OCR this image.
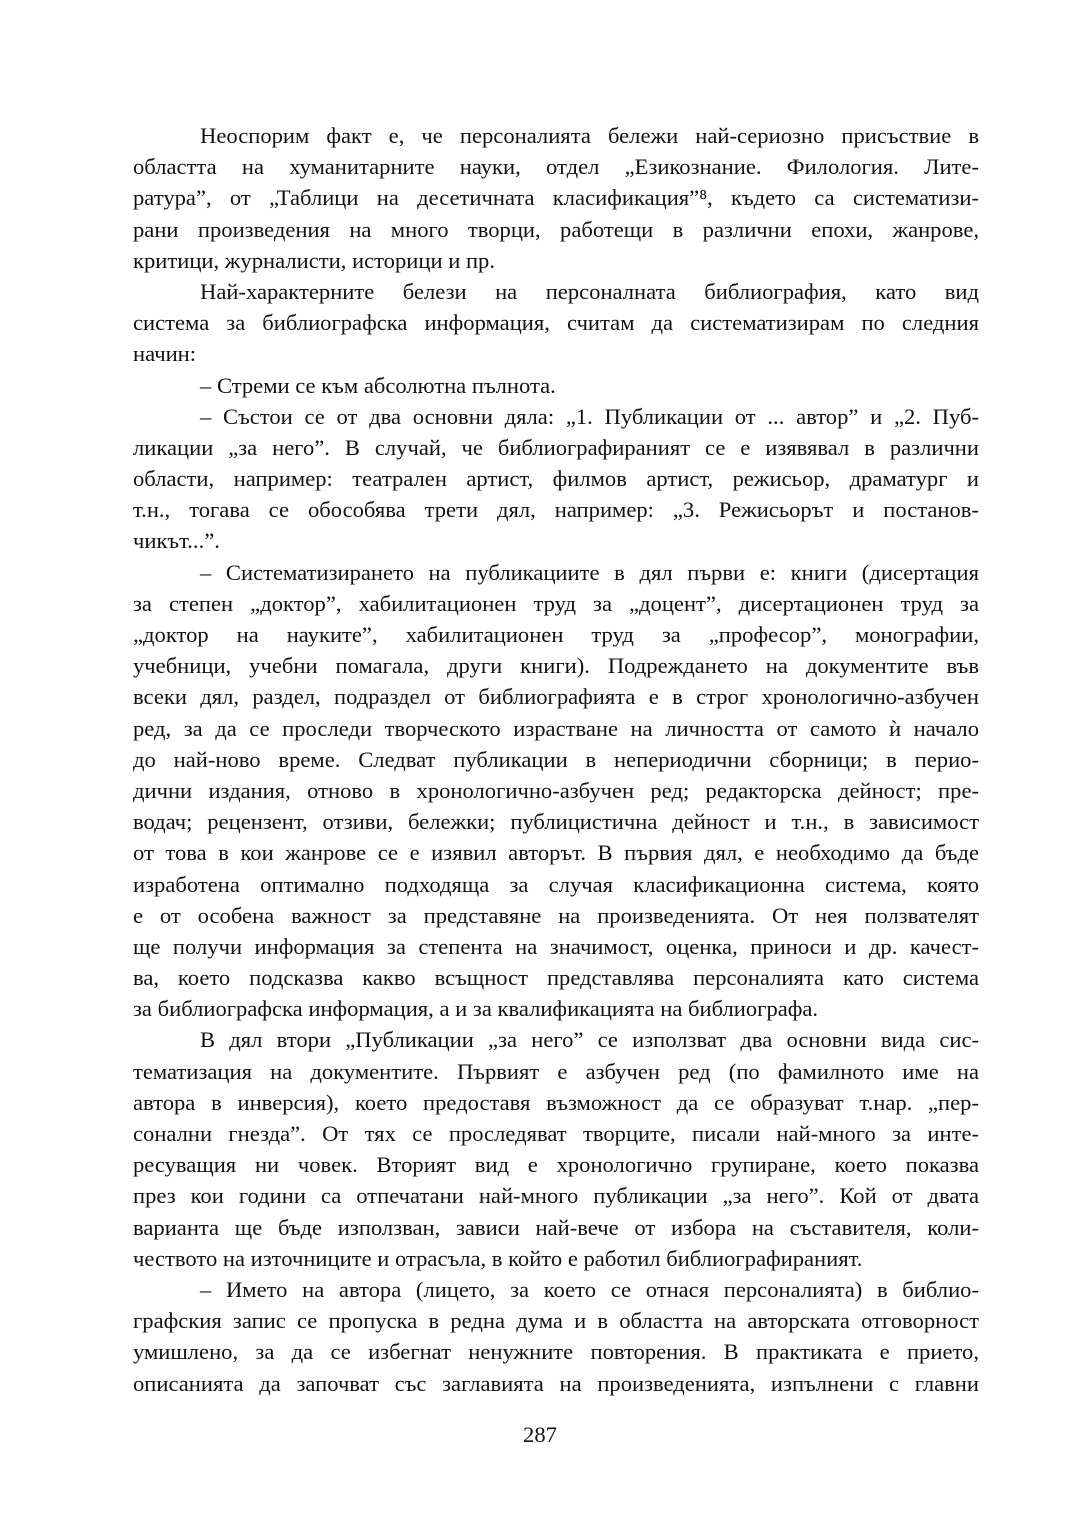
Неоспорим факт е, че персоналията бележи най-сериозно присъствие в
областта на хуманитарните науки, отдел „Езикознание. Филология. Лите-
ратура”, от „Таблици на десетичната класификация”⁸, където са систематизи-
рани произведения на много творци, работещи в различни епохи, жанрове,
критици, журналисти, историци и пр.
Най-характерните белези на персоналната библиография, като вид
система за библиографска информация, считам да систематизирам по следния
начин:
– Стреми се към абсолютна пълнота.
– Състои се от два основни дяла: „1. Публикации от ... автор” и „2. Пуб-
ликации „за него”. В случай, че библиографираният се е изявявал в различни
области, например: театрален артист, филмов артист, режисьор, драматург и
т.н., тогава се обособява трети дял, например: „3. Режисьорът и постанов-
чикът...”.
– Систематизирането на публикациите в дял първи е: книги (дисертация
за степен „доктор”, хабилитационен труд за „доцент”, дисертационен труд за
„доктор на науките”, хабилитационен труд за „професор”, монографии,
учебници, учебни помагала, други книги). Подреждането на документите във
всеки дял, раздел, подраздел от библиографията е в строг хронологично-азбучен
ред, за да се проследи творческото израстване на личността от самото ѝ начало
до най-ново време. Следват публикации в непериодични сборници; в перио-
дични издания, отново в хронологично-азбучен ред; редакторска дейност; пре-
водач; рецензент, отзиви, бележки; публицистична дейност и т.н., в зависимост
от това в кои жанрове се е изявил авторът. В първия дял, е необходимо да бъде
изработена оптимално подходяща за случая класификационна система, която
е от особена важност за представяне на произведенията. От нея ползвателят
ще получи информация за степента на значимост, оценка, приноси и др. качест-
ва, което подсказва какво всъщност представлява персоналията като система
за библиографска информация, а и за квалификацията на библиографа.
В дял втори „Публикации „за него” се използват два основни вида сис-
тематизация на документите. Първият е азбучен ред (по фамилното име на
автора в инверсия), което предоставя възможност да се образуват т.нар. „пер-
сонални гнезда”. От тях се проследяват творците, писали най-много за инте-
ресуващия ни човек. Вторият вид е хронологично групиране, което показва
през кои години са отпечатани най-много публикации „за него”. Кой от двата
варианта ще бъде използван, зависи най-вече от избора на съставителя, коли-
чеството на източниците и отрасъла, в който е работил библиографираният.
– Името на автора (лицето, за което се отнася персоналията) в библио-
графския запис се пропуска в редна дума и в областта на авторската отговорност
умишлено, за да се избегнат ненужните повторения. В практиката е прието,
описанията да започват със заглавията на произведенията, изпълнени с главни
287
